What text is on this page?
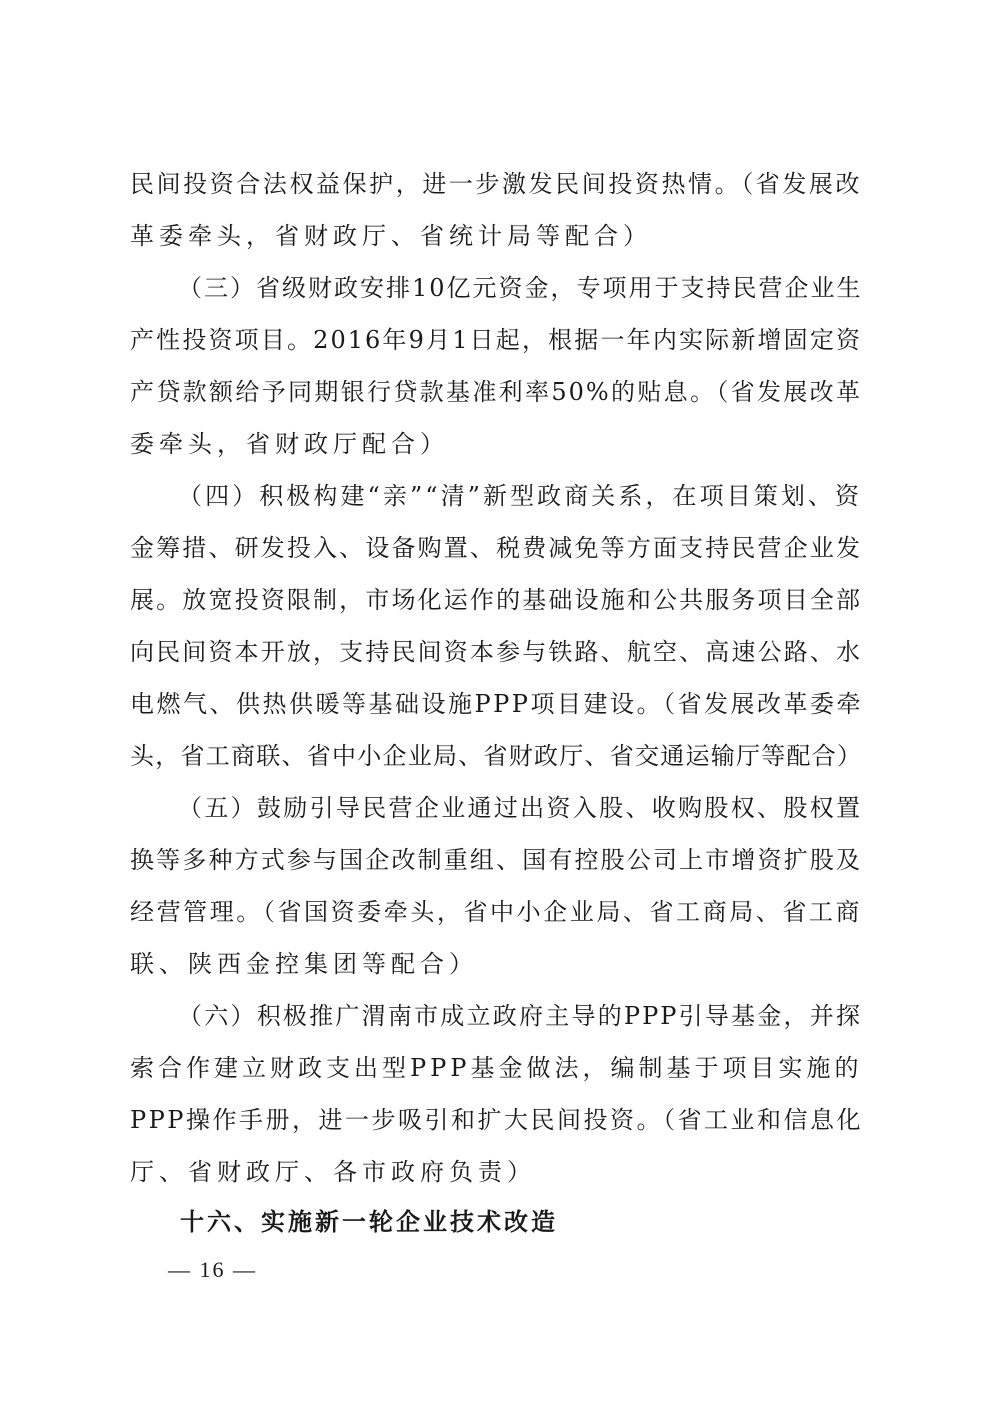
民间投资合法权益保护，进一步激发民间投资热情。（省发展改
革委牵头，省财政厅、省统计局等配合）
（三）省级财政安排10亿元资金，专项用于支持民营企业生
产性投资项目。2016年9月1日起，根据一年内实际新增固定资
产贷款额给予同期银行贷款基准利率50%的贴息。（省发展改革
委牵头，省财政厅配合）
（四）积极构建“亲”“清”新型政商关系，在项目策划、资
金筹措、研发投入、设备购置、税费减免等方面支持民营企业发
展。放宽投资限制，市场化运作的基础设施和公共服务项目全部
向民间资本开放，支持民间资本参与铁路、航空、高速公路、水
电燃气、供热供暖等基础设施PPP项目建设。（省发展改革委牵
头，省工商联、省中小企业局、省财政厅、省交通运输厅等配合）
（五）鼓励引导民营企业通过出资入股、收购股权、股权置
换等多种方式参与国企改制重组、国有控股公司上市增资扩股及
经营管理。（省国资委牵头，省中小企业局、省工商局、省工商
联、陕西金控集团等配合）
（六）积极推广渭南市成立政府主导的PPP引导基金，并探
索合作建立财政支出型PPP基金做法，编制基于项目实施的
PPP操作手册，进一步吸引和扩大民间投资。（省工业和信息化
厅、省财政厅、各市政府负责）
十六、实施新一轮企业技术改造
— 16 —
